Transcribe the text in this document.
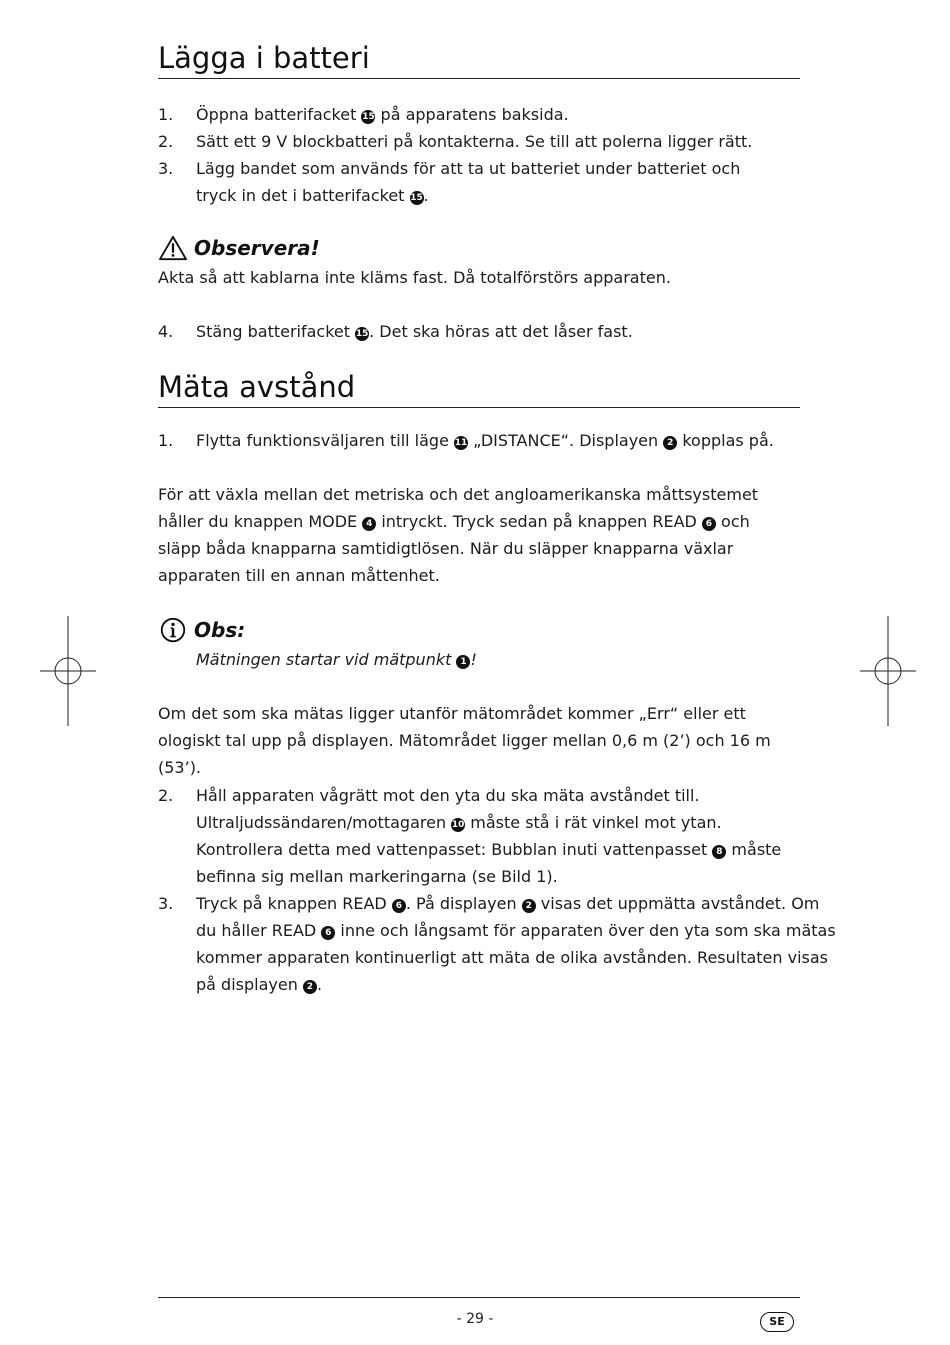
Lägga i batteri
1. Öppna batterifacket 15 på apparatens baksida.
2. Sätt ett 9 V blockbatteri på kontakterna. Se till att polerna ligger rätt.
3. Lägg bandet som används för att ta ut batteriet under batteriet och tryck in det i batterifacket 15.
Observera!

Akta så att kablarna inte kläms fast. Då totalförstörs apparaten.

4. Stäng batterifacket 15. Det ska höras att det låser fast.
Mäta avstånd
1. Flytta funktionsväljaren till läge 11 „DISTANCE“. Displayen 2 kopplas på.

För att växla mellan det metriska och det angloamerikanska måttsystemet håller du knappen MODE 4 intryckt. Tryck sedan på knappen READ 6 och släpp båda knapparna samtidigtlösen. När du släpper knapparna växlar apparaten till en annan måttenhet.

Obs:

Mätningen startar vid mätpunkt 1 !

Om det som ska mätas ligger utanför mätområdet kommer „Err“ eller ett ologiskt tal upp på displayen. Mätområdet ligger mellan 0,6 m (2’) och 16 m (53’).

2. Håll apparaten vågrätt mot den yta du ska mäta avståndet till. Ultraljudssändaren/mottagaren 10 måste stå i rät vinkel mot ytan. Kontrollera detta med vattenpasset: Bubblan inuti vattenpasset 8 måste befinna sig mellan markeringarna (se Bild 1).
3. Tryck på knappen READ 6 . På displayen 2 visas det uppmätta avståndet. Om du håller READ 6 inne och långsamt för apparaten över den yta som ska mätas kommer apparaten kontinuerligt att mäta de olika avstånden. Resultaten visas på displayen 2 .
- 29 -	SE
